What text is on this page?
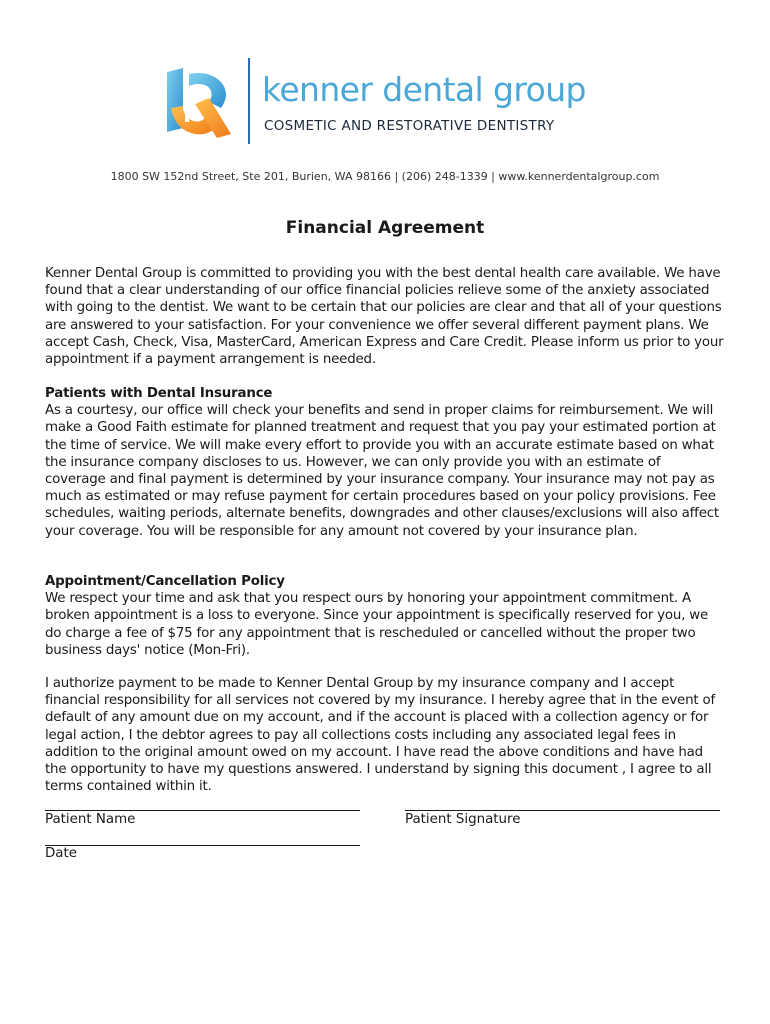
kenner dental group
COSMETIC AND RESTORATIVE DENTISTRY
1800 SW 152nd Street, Ste 201, Burien, WA 98166 | (206) 248-1339 | www.kennerdentalgroup.com
Financial Agreement
Kenner Dental Group is committed to providing you with the best dental health care available. We have found that a clear understanding of our office financial policies relieve some of the anxiety associated with going to the dentist. We want to be certain that our policies are clear and that all of your questions are answered to your satisfaction. For your convenience we offer several different payment plans. We accept Cash, Check, Visa, MasterCard, American Express and Care Credit. Please inform us prior to your appointment if a payment arrangement is needed.
Patients with Dental Insurance
As a courtesy, our office will check your benefits and send in proper claims for reimbursement. We will make a Good Faith estimate for planned treatment and request that you pay your estimated portion at the time of service. We will make every effort to provide you with an accurate estimate based on what the insurance company discloses to us. However, we can only provide you with an estimate of coverage and final payment is determined by your insurance company. Your insurance may not pay as much as estimated or may refuse payment for certain procedures based on your policy provisions. Fee schedules, waiting periods, alternate benefits, downgrades and other clauses/exclusions will also affect your coverage. You will be responsible for any amount not covered by your insurance plan.
Appointment/Cancellation Policy
We respect your time and ask that you respect ours by honoring your appointment commitment. A broken appointment is a loss to everyone. Since your appointment is specifically reserved for you, we do charge a fee of $75 for any appointment that is rescheduled or cancelled without the proper two business days' notice (Mon-Fri).
I authorize payment to be made to Kenner Dental Group by my insurance company and I accept financial responsibility for all services not covered by my insurance. I hereby agree that in the event of default of any amount due on my account, and if the account is placed with a collection agency or for legal action, I the debtor agrees to pay all collections costs including any associated legal fees in addition to the original amount owed on my account. I have read the above conditions and have had the opportunity to have my questions answered. I understand by signing this document , I agree to all terms contained within it.
Patient Name	Patient Signature
Date
